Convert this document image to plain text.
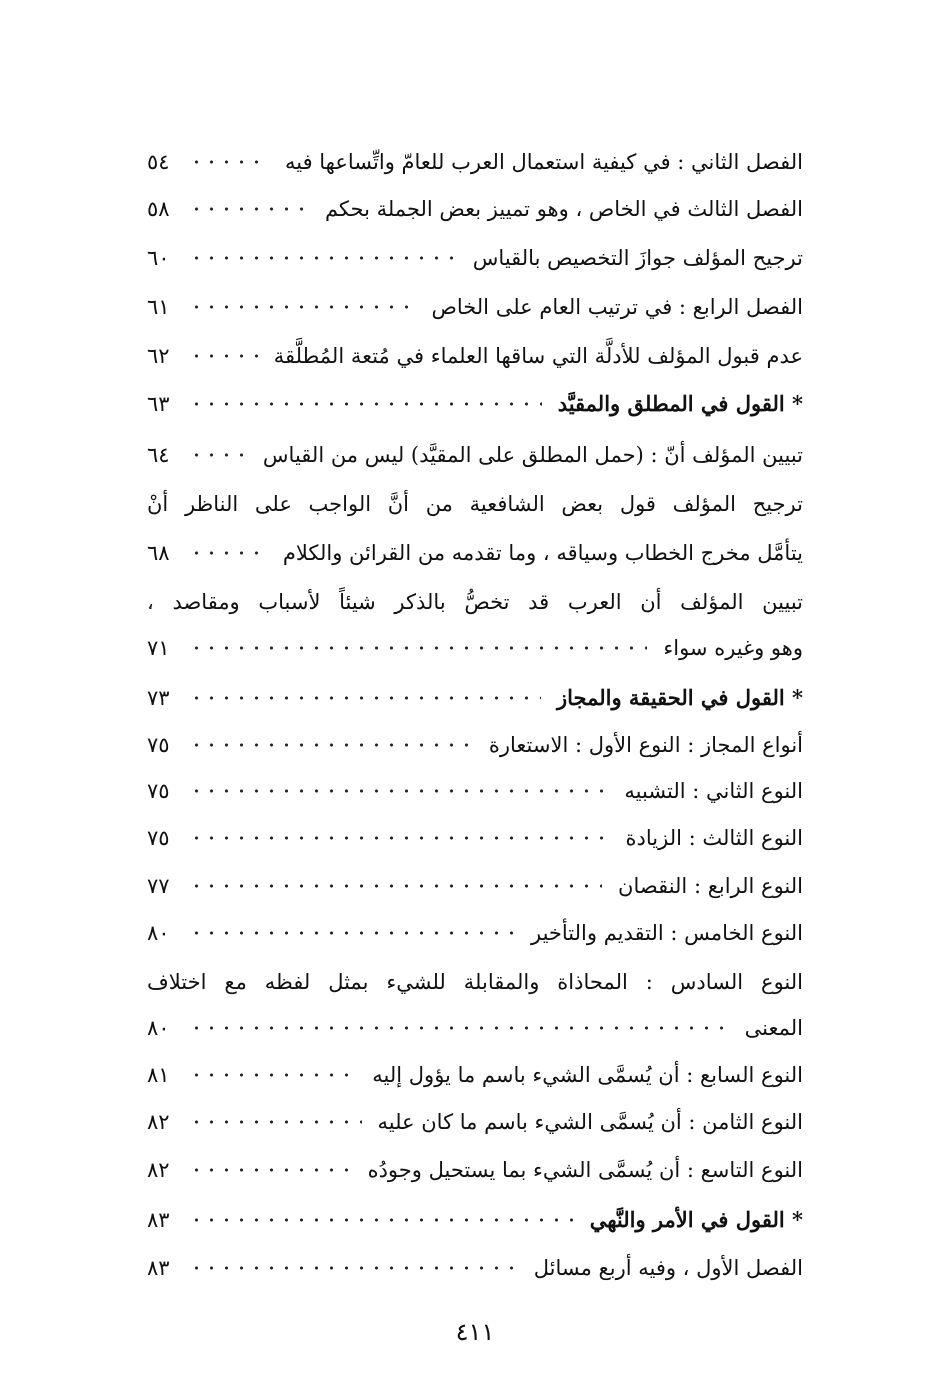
الفصل الثاني : في كيفية استعمال العرب للعامّ واتِّساعها فيه
٥٤
الفصل الثالث في الخاص ، وهو تمييز بعض الجملة بحكم
٥٨
ترجيح المؤلف جوازَ التخصيص بالقياس
٦٠
الفصل الرابع : في ترتيب العام على الخاص
٦١
عدم قبول المؤلف للأدلَّة التي ساقها العلماء في مُتعة المُطلَّقة
٦٢
* القول في المطلق والمقيَّد
٦٣
تبيين المؤلف أنّ : (حمل المطلق على المقيَّد) ليس من القياس
٦٤
ترجيح المؤلف قول بعض الشافعية من أنَّ الواجب على الناظر أنْ
يتأمَّل مخرج الخطاب وسياقه ، وما تقدمه من القرائن والكلام
٦٨
تبيين المؤلف أن العرب قد تخصُّ بالذكر شيئاً لأسباب ومقاصد ،
وهو وغيره سواء
٧١
* القول في الحقيقة والمجاز
٧٣
أنواع المجاز : النوع الأول : الاستعارة
٧٥
النوع الثاني : التشبيه
٧٥
النوع الثالث : الزيادة
٧٥
النوع الرابع : النقصان
٧٧
النوع الخامس : التقديم والتأخير
٨٠
النوع السادس : المحاذاة والمقابلة للشيء بمثل لفظه مع اختلاف
المعنى
٨٠
النوع السابع : أن يُسمَّى الشيء باسم ما يؤول إليه
٨١
النوع الثامن : أن يُسمَّى الشيء باسم ما كان عليه
٨٢
النوع التاسع : أن يُسمَّى الشيء بما يستحيل وجودُه
٨٢
* القول في الأمر والنَّهي
٨٣
الفصل الأول ، وفيه أربع مسائل
٨٣
٤١١
